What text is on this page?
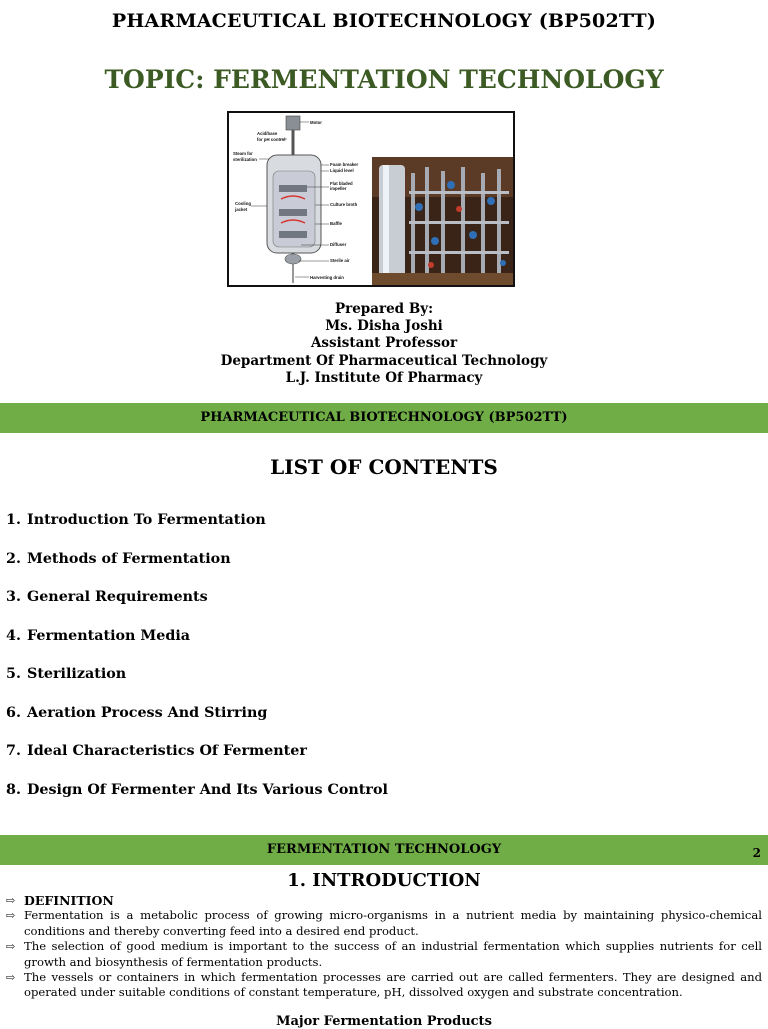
PHARMACEUTICAL BIOTECHNOLOGY (BP502TT)
TOPIC: FERMENTATION TECHNOLOGY
Motor
Acid/base
for pH control
Steam for
sterilization
Cooling
jacket
Foam breaker
Liquid level
Flat bladed
impeller
Culture broth
Baffle
Diffuser
Sterile air
Harvesting drain
Prepared By:
Ms. Disha Joshi
Assistant Professor
Department Of Pharmaceutical Technology
L.J. Institute Of Pharmacy
PHARMACEUTICAL BIOTECHNOLOGY (BP502TT)
LIST OF CONTENTS
1. Introduction To Fermentation
2. Methods of Fermentation
3. General Requirements
4. Fermentation Media
5. Sterilization
6. Aeration Process And Stirring
7. Ideal Characteristics Of Fermenter
8. Design Of Fermenter And Its Various Control
FERMENTATION TECHNOLOGY	2
1. INTRODUCTION
⇨ DEFINITION
⇨ Fermentation is a metabolic process of growing micro-organisms in a nutrient media by maintaining physico-chemical conditions and thereby converting feed into a desired end product.
⇨ The selection of good medium is important to the success of an industrial fermentation which supplies nutrients for cell growth and biosynthesis of fermentation products.
⇨ The vessels or containers in which fermentation processes are carried out are called fermenters. They are designed and operated under suitable conditions of constant temperature, pH, dissolved oxygen and substrate concentration.
Major Fermentation Products
